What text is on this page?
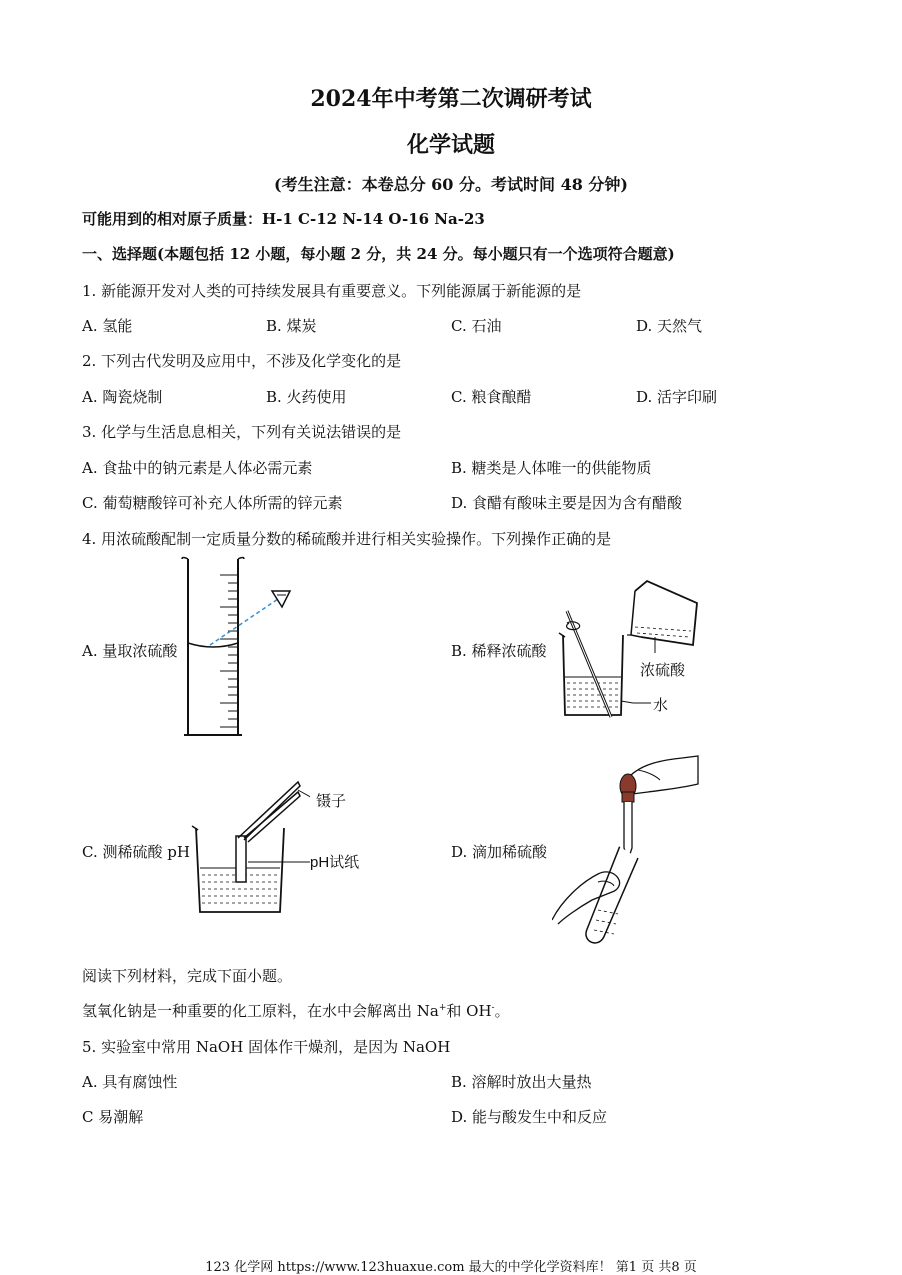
2024年中考第二次调研考试
化学试题
(考生注意：本卷总分 60 分。考试时间 48 分钟)
可能用到的相对原子质量：H-1 C-12 N-14 O-16 Na-23
一、选择题(本题包括 12 小题，每小题 2 分，共 24 分。每小题只有一个选项符合题意)
1. 新能源开发对人类的可持续发展具有重要意义。下列能源属于新能源的是
A. 氢能	B. 煤炭	C. 石油	D. 天然气
2. 下列古代发明及应用中，不涉及化学变化的是
A. 陶瓷烧制	B. 火药使用	C. 粮食酿醋	D. 活字印刷
3. 化学与生活息息相关，下列有关说法错误的是
A. 食盐中的钠元素是人体必需元素	B. 糖类是人体唯一的供能物质
C. 葡萄糖酸锌可补充人体所需的锌元素	D. 食醋有酸味主要是因为含有醋酸
4. 用浓硫酸配制一定质量分数的稀硫酸并进行相关实验操作。下列操作正确的是
A. 量取浓硫酸	B. 稀释浓硫酸
浓硫酸
水
C. 测稀硫酸 pH
镊子
pH试纸
D. 滴加稀硫酸
阅读下列材料，完成下面小题。
氢氧化钠是一种重要的化工原料，在水中会解离出 Na+和 OH-。
5. 实验室中常用 NaOH 固体作干燥剂，是因为 NaOH
A. 具有腐蚀性	B. 溶解时放出大量热
C 易潮解	D. 能与酸发生中和反应
123 化学网 https://www.123huaxue.com 最大的中学化学资料库！ 第1 页 共8 页
